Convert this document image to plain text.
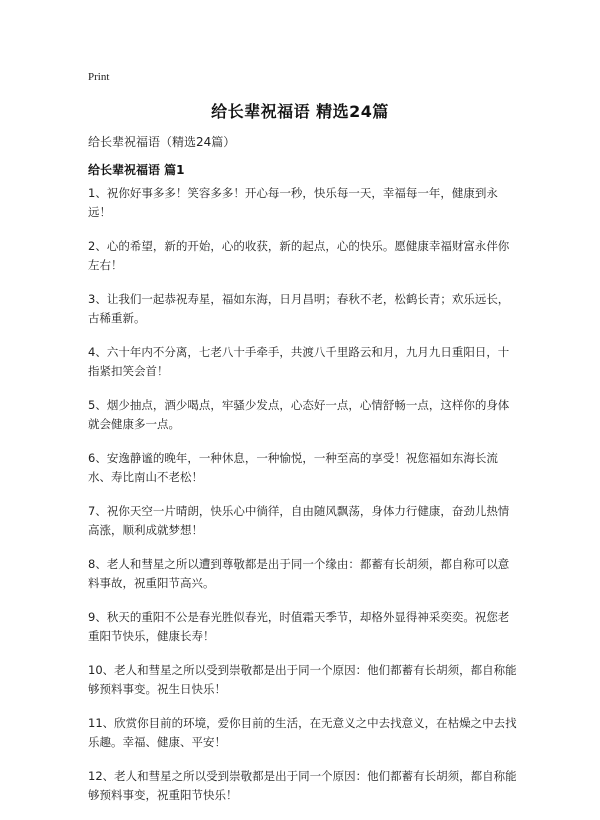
Print
给长辈祝福语 精选24篇
给长辈祝福语（精选24篇）
给长辈祝福语 篇1

1、祝你好事多多！笑容多多！开心每一秒，快乐每一天，幸福每一年，健康到永远！

2、心的希望，新的开始，心的收获，新的起点，心的快乐。愿健康幸福财富永伴你左右！

3、让我们一起恭祝寿星，福如东海，日月昌明；春秋不老，松鹤长青；欢乐远长，古稀重新。

4、六十年内不分离，七老八十手牵手，共渡八千里路云和月，九月九日重阳日，十指紧扣笑会首！

5、烟少抽点，酒少喝点，牢骚少发点，心态好一点，心情舒畅一点，这样你的身体就会健康多一点。

6、安逸静谧的晚年，一种休息，一种愉悦，一种至高的享受！祝您福如东海长流水、寿比南山不老松！

7、祝你天空一片晴朗，快乐心中徜徉，自由随风飘荡，身体力行健康，奋劲儿热情高涨，顺利成就梦想！

8、老人和彗星之所以遭到尊敬都是出于同一个缘由：都蓄有长胡须，都自称可以意料事故，祝重阳节高兴。

9、秋天的重阳不公是春光胜似春光，时值霜天季节，却格外显得神采奕奕。祝您老重阳节快乐，健康长寿！

10、老人和彗星之所以受到崇敬都是出于同一个原因：他们都蓄有长胡须，都自称能够预料事变。祝生日快乐！

11、欣赏你目前的环境，爱你目前的生活，在无意义之中去找意义，在枯燥之中去找乐趣。幸福、健康、平安！

12、老人和彗星之所以受到崇敬都是出于同一个原因：他们都蓄有长胡须，都自称能够预料事变，祝重阳节快乐！
